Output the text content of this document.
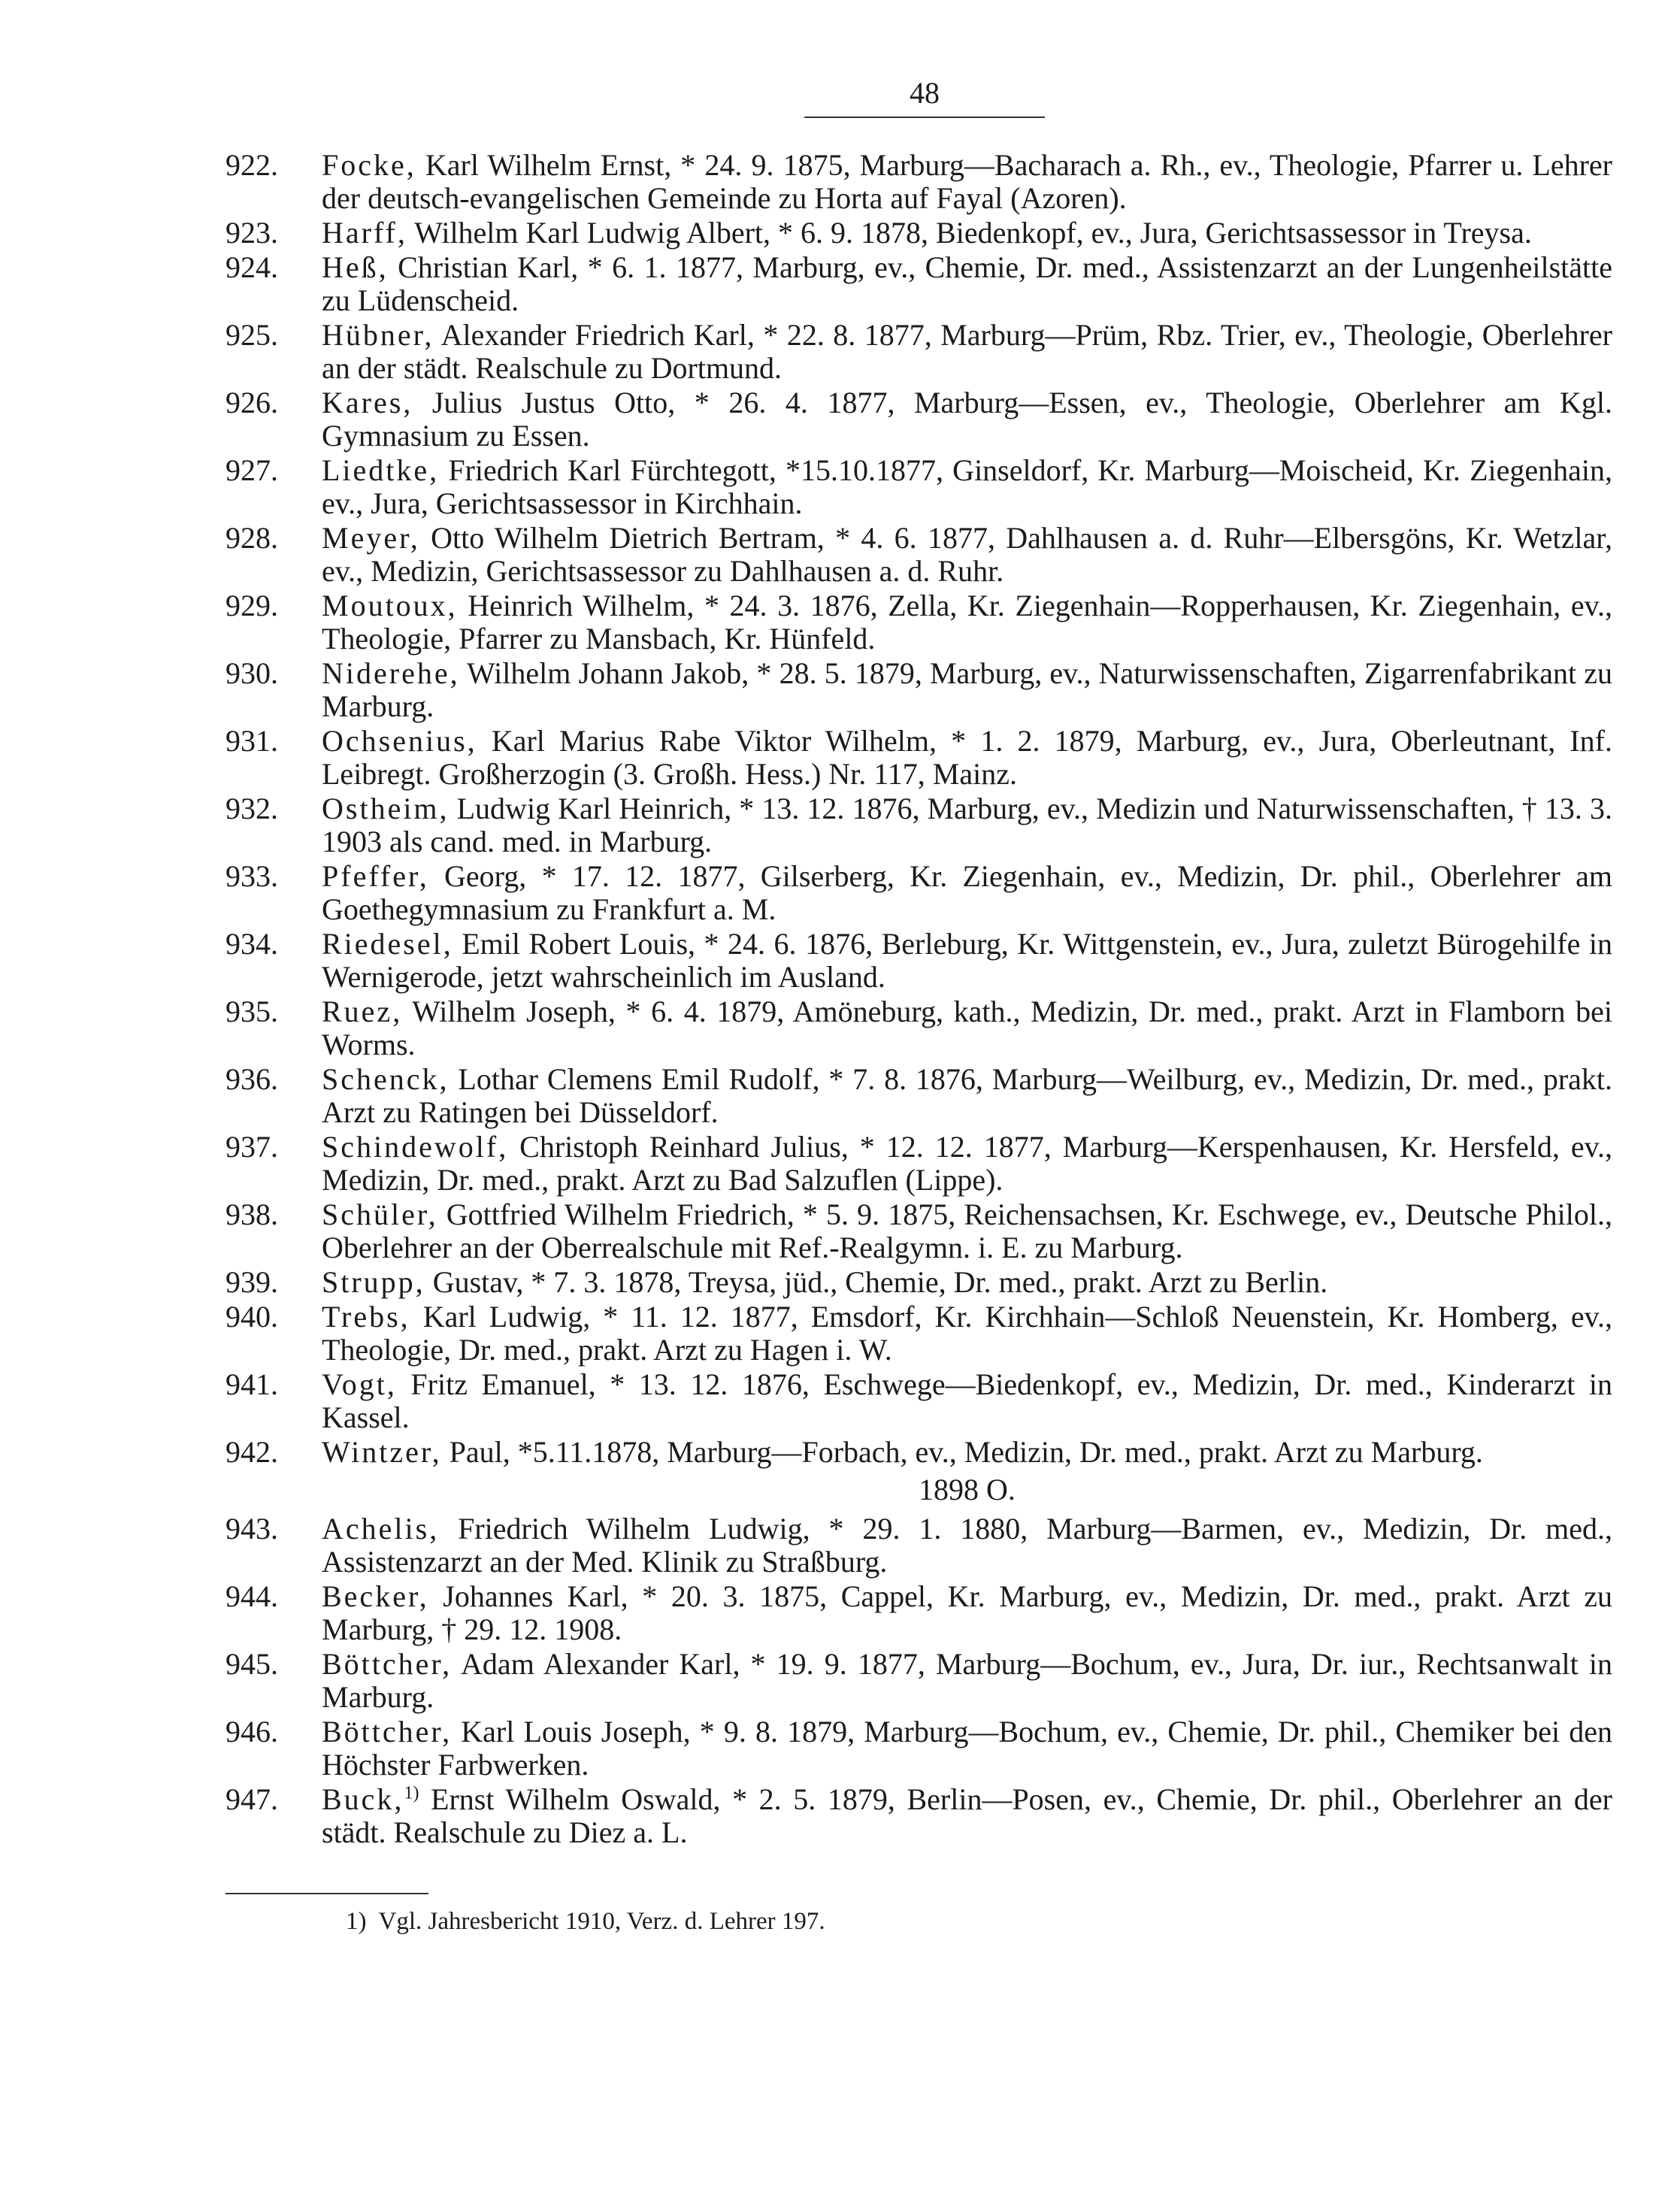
48
922.	Focke, Karl Wilhelm Ernst, * 24. 9. 1875, Marburg—Bacharach a. Rh., ev., Theologie, Pfarrer u. Lehrer der deutsch-evangelischen Gemeinde zu Horta auf Fayal (Azoren).
923.	Harff, Wilhelm Karl Ludwig Albert, * 6. 9. 1878, Biedenkopf, ev., Jura, Gerichtsassessor in Treysa.
924.	Heß, Christian Karl, * 6. 1. 1877, Marburg, ev., Chemie, Dr. med., Assistenzarzt an der Lungenheilstätte zu Lüdenscheid.
925.	Hübner, Alexander Friedrich Karl, * 22. 8. 1877, Marburg—Prüm, Rbz. Trier, ev., Theologie, Oberlehrer an der städt. Realschule zu Dortmund.
926.	Kares, Julius Justus Otto, * 26. 4. 1877, Marburg—Essen, ev., Theologie, Oberlehrer am Kgl. Gymnasium zu Essen.
927.	Liedtke, Friedrich Karl Fürchtegott, *15.10.1877, Ginseldorf, Kr. Marburg—Moischeid, Kr. Ziegenhain, ev., Jura, Gerichtsassessor in Kirchhain.
928.	Meyer, Otto Wilhelm Dietrich Bertram, * 4. 6. 1877, Dahlhausen a. d. Ruhr—Elbersgöns, Kr. Wetzlar, ev., Medizin, Gerichtsassessor zu Dahlhausen a. d. Ruhr.
929.	Moutoux, Heinrich Wilhelm, * 24. 3. 1876, Zella, Kr. Ziegenhain—Ropperhausen, Kr. Ziegenhain, ev., Theologie, Pfarrer zu Mansbach, Kr. Hünfeld.
930.	Niderehe, Wilhelm Johann Jakob, * 28. 5. 1879, Marburg, ev., Naturwissenschaften, Zigarrenfabrikant zu Marburg.
931.	Ochsenius, Karl Marius Rabe Viktor Wilhelm, * 1. 2. 1879, Marburg, ev., Jura, Oberleutnant, Inf. Leibregt. Großherzogin (3. Großh. Hess.) Nr. 117, Mainz.
932.	Ostheim, Ludwig Karl Heinrich, * 13. 12. 1876, Marburg, ev., Medizin und Naturwissenschaften, † 13. 3. 1903 als cand. med. in Marburg.
933.	Pfeffer, Georg, * 17. 12. 1877, Gilserberg, Kr. Ziegenhain, ev., Medizin, Dr. phil., Oberlehrer am Goethegymnasium zu Frankfurt a. M.
934.	Riedesel, Emil Robert Louis, * 24. 6. 1876, Berleburg, Kr. Wittgenstein, ev., Jura, zuletzt Bürogehilfe in Wernigerode, jetzt wahrscheinlich im Ausland.
935.	Ruez, Wilhelm Joseph, * 6. 4. 1879, Amöneburg, kath., Medizin, Dr. med., prakt. Arzt in Flamborn bei Worms.
936.	Schenck, Lothar Clemens Emil Rudolf, * 7. 8. 1876, Marburg—Weilburg, ev., Medizin, Dr. med., prakt. Arzt zu Ratingen bei Düsseldorf.
937.	Schindewolf, Christoph Reinhard Julius, * 12. 12. 1877, Marburg—Kerspenhausen, Kr. Hersfeld, ev., Medizin, Dr. med., prakt. Arzt zu Bad Salzuflen (Lippe).
938.	Schüler, Gottfried Wilhelm Friedrich, * 5. 9. 1875, Reichensachsen, Kr. Eschwege, ev., Deutsche Philol., Oberlehrer an der Oberrealschule mit Ref.-Realgymn. i. E. zu Marburg.
939.	Strupp, Gustav, * 7. 3. 1878, Treysa, jüd., Chemie, Dr. med., prakt. Arzt zu Berlin.
940.	Trebs, Karl Ludwig, * 11. 12. 1877, Emsdorf, Kr. Kirchhain—Schloß Neuenstein, Kr. Homberg, ev., Theologie, Dr. med., prakt. Arzt zu Hagen i. W.
941.	Vogt, Fritz Emanuel, * 13. 12. 1876, Eschwege—Biedenkopf, ev., Medizin, Dr. med., Kinderarzt in Kassel.
942.	Wintzer, Paul, *5.11.1878, Marburg—Forbach, ev., Medizin, Dr. med., prakt. Arzt zu Marburg.
1898 O.
943.	Achelis, Friedrich Wilhelm Ludwig, * 29. 1. 1880, Marburg—Barmen, ev., Medizin, Dr. med., Assistenzarzt an der Med. Klinik zu Straßburg.
944.	Becker, Johannes Karl, * 20. 3. 1875, Cappel, Kr. Marburg, ev., Medizin, Dr. med., prakt. Arzt zu Marburg, † 29. 12. 1908.
945.	Böttcher, Adam Alexander Karl, * 19. 9. 1877, Marburg—Bochum, ev., Jura, Dr. iur., Rechtsanwalt in Marburg.
946.	Böttcher, Karl Louis Joseph, * 9. 8. 1879, Marburg—Bochum, ev., Chemie, Dr. phil., Chemiker bei den Höchster Farbwerken.
947.	Buck,$^{1)}$ Ernst Wilhelm Oswald, * 2. 5. 1879, Berlin—Posen, ev., Chemie, Dr. phil., Oberlehrer an der städt. Realschule zu Diez a. L.
1) Vgl. Jahresbericht 1910, Verz. d. Lehrer 197.
